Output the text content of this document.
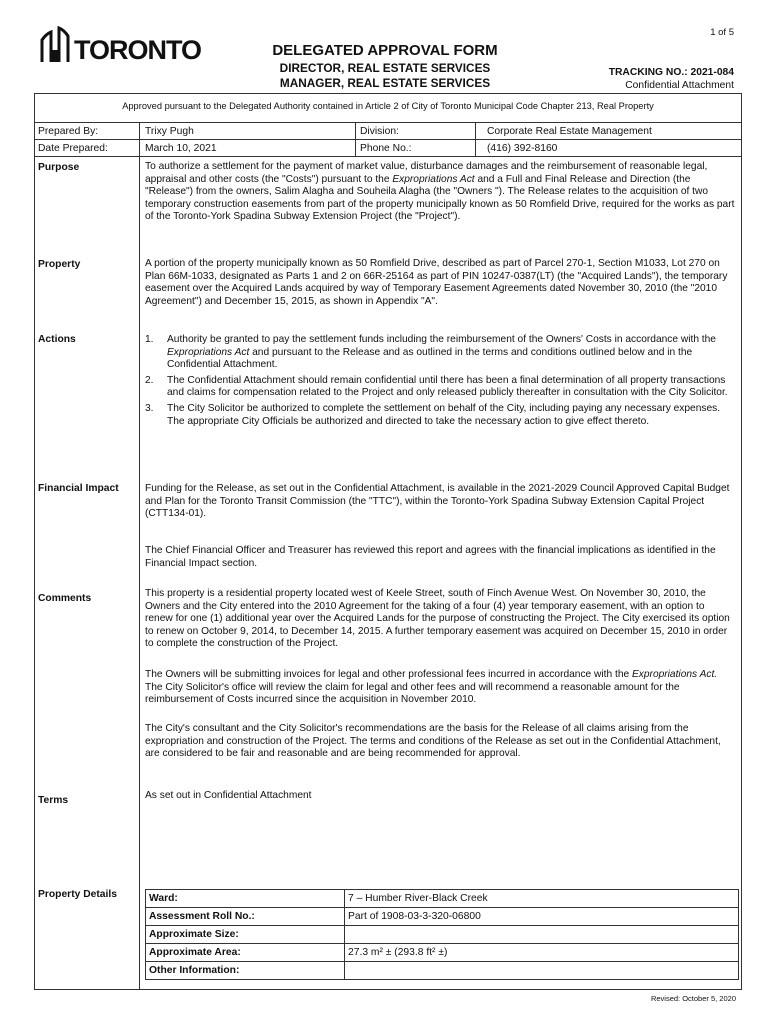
TORONTO
1 of 5
DELEGATED APPROVAL FORM
DIRECTOR, REAL ESTATE SERVICES
MANAGER, REAL ESTATE SERVICES
TRACKING NO.: 2021-084
Confidential Attachment
Approved pursuant to the Delegated Authority contained in Article 2 of City of Toronto Municipal Code Chapter 213, Real Property
Prepared By:	Trixy Pugh	Division:	Corporate Real Estate Management
Date Prepared:	March 10, 2021	Phone No.:	(416) 392-8160
Purpose	To authorize a settlement for the payment of market value, disturbance damages and the reimbursement of reasonable legal, appraisal and other costs (the "Costs") pursuant to the Expropriations Act and a Full and Final Release and Direction (the "Release") from the owners, Salim Alagha and Souheila Alagha (the "Owners "). The Release relates to the acquisition of two temporary construction easements from part of the property municipally known as 50 Romfield Drive, required for the works as part of the Toronto-York Spadina Subway Extension Project (the "Project").

Property	A portion of the property municipally known as 50 Romfield Drive, described as part of Parcel 270-1, Section M1033, Lot 270 on Plan 66M-1033, designated as Parts 1 and 2 on 66R-25164 as part of PIN 10247-0387(LT) (the "Acquired Lands"), the temporary easement over the Acquired Lands acquired by way of Temporary Easement Agreements dated November 30, 2010 (the "2010 Agreement") and December 15, 2015, as shown in Appendix "A".
Actions	1.	Authority be granted to pay the settlement funds including the reimbursement of the Owners' Costs in accordance with the Expropriations Act and pursuant to the Release and as outlined in the terms and conditions outlined below and in the Confidential Attachment.
2.	The Confidential Attachment should remain confidential until there has been a final determination of all property transactions and claims for compensation related to the Project and only released publicly thereafter in consultation with the City Solicitor.
3.	The City Solicitor be authorized to complete the settlement on behalf of the City, including paying any necessary expenses. The appropriate City Officials be authorized and directed to take the necessary action to give effect thereto.
Financial Impact	Funding for the Release, as set out in the Confidential Attachment, is available in the 2021-2029 Council Approved Capital Budget and Plan for the Toronto Transit Commission (the "TTC"), within the Toronto-York Spadina Subway Extension Capital Project (CTT134-01).
The Chief Financial Officer and Treasurer has reviewed this report and agrees with the financial implications as identified in the Financial Impact section.
Comments	This property is a residential property located west of Keele Street, south of Finch Avenue West. On November 30, 2010, the Owners and the City entered into the 2010 Agreement for the taking of a four (4) year temporary easement, with an option to renew for one (1) additional year over the Acquired Lands for the purpose of constructing the Project. The City exercised its option to renew on October 9, 2014, to December 14, 2015. A further temporary easement was acquired on December 15, 2010 in order to complete the construction of the Project.

The Owners will be submitting invoices for legal and other professional fees incurred in accordance with the Expropriations Act. The City Solicitor's office will review the claim for legal and other fees and will recommend a reasonable amount for the reimbursement of Costs incurred since the acquisition in November 2010.

The City's consultant and the City Solicitor's recommendations are the basis for the Release of all claims arising from the expropriation and construction of the Project. The terms and conditions of the Release as set out in the Confidential Attachment, are considered to be fair and reasonable and are being recommended for approval.
Terms	As set out in Confidential Attachment
Property Details	Ward:	7 – Humber River-Black Creek
Assessment Roll No.:	Part of 1908-03-3-320-06800
Approximate Size:	
Approximate Area:	27.3 m² ± (293.8 ft² ±)
Other Information:	
Revised: October 5, 2020
